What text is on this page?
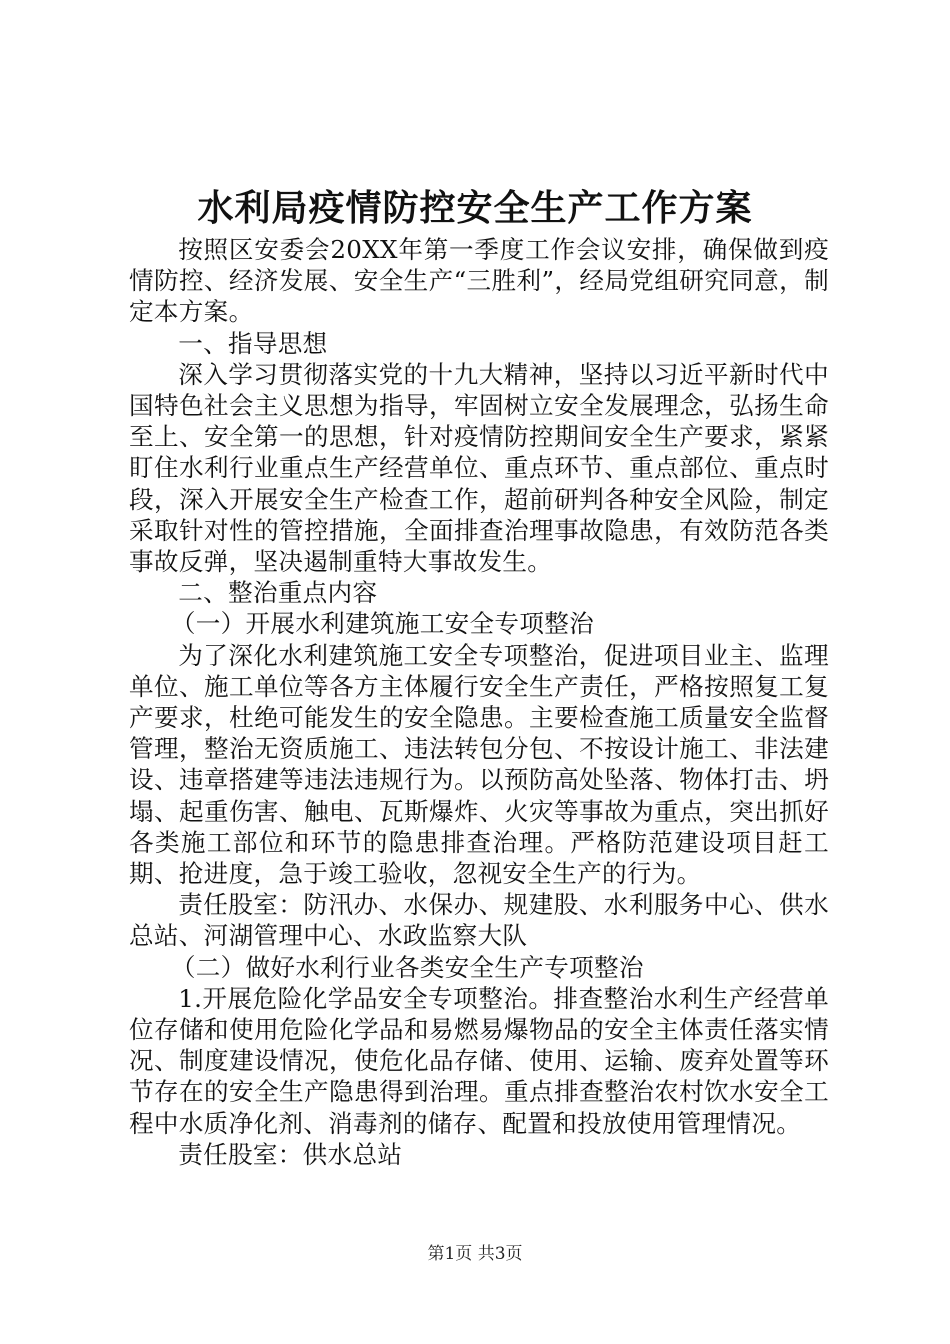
水利局疫情防控安全生产工作方案

按照区安委会20XX年第一季度工作会议安排，确保做到疫情防控、经济发展、安全生产“三胜利”，经局党组研究同意，制定本方案。

一、指导思想

深入学习贯彻落实党的十九大精神，坚持以习近平新时代中国特色社会主义思想为指导，牢固树立安全发展理念，弘扬生命至上、安全第一的思想，针对疫情防控期间安全生产要求，紧紧盯住水利行业重点生产经营单位、重点环节、重点部位、重点时段，深入开展安全生产检查工作，超前研判各种安全风险，制定采取针对性的管控措施，全面排查治理事故隐患，有效防范各类事故反弹，坚决遏制重特大事故发生。

二、整治重点内容

（一）开展水利建筑施工安全专项整治

为了深化水利建筑施工安全专项整治，促进项目业主、监理单位、施工单位等各方主体履行安全生产责任，严格按照复工复产要求，杜绝可能发生的安全隐患。主要检查施工质量安全监督管理，整治无资质施工、违法转包分包、不按设计施工、非法建设、违章搭建等违法违规行为。以预防高处坠落、物体打击、坍塌、起重伤害、触电、瓦斯爆炸、火灾等事故为重点，突出抓好各类施工部位和环节的隐患排查治理。严格防范建设项目赶工期、抢进度，急于竣工验收，忽视安全生产的行为。

责任股室：防汛办、水保办、规建股、水利服务中心、供水总站、河湖管理中心、水政监察大队

（二）做好水利行业各类安全生产专项整治

1.开展危险化学品安全专项整治。排查整治水利生产经营单位存储和使用危险化学品和易燃易爆物品的安全主体责任落实情况、制度建设情况，使危化品存储、使用、运输、废弃处置等环节存在的安全生产隐患得到治理。重点排查整治农村饮水安全工程中水质净化剂、消毒剂的储存、配置和投放使用管理情况。

责任股室：供水总站

第1页 共3页
